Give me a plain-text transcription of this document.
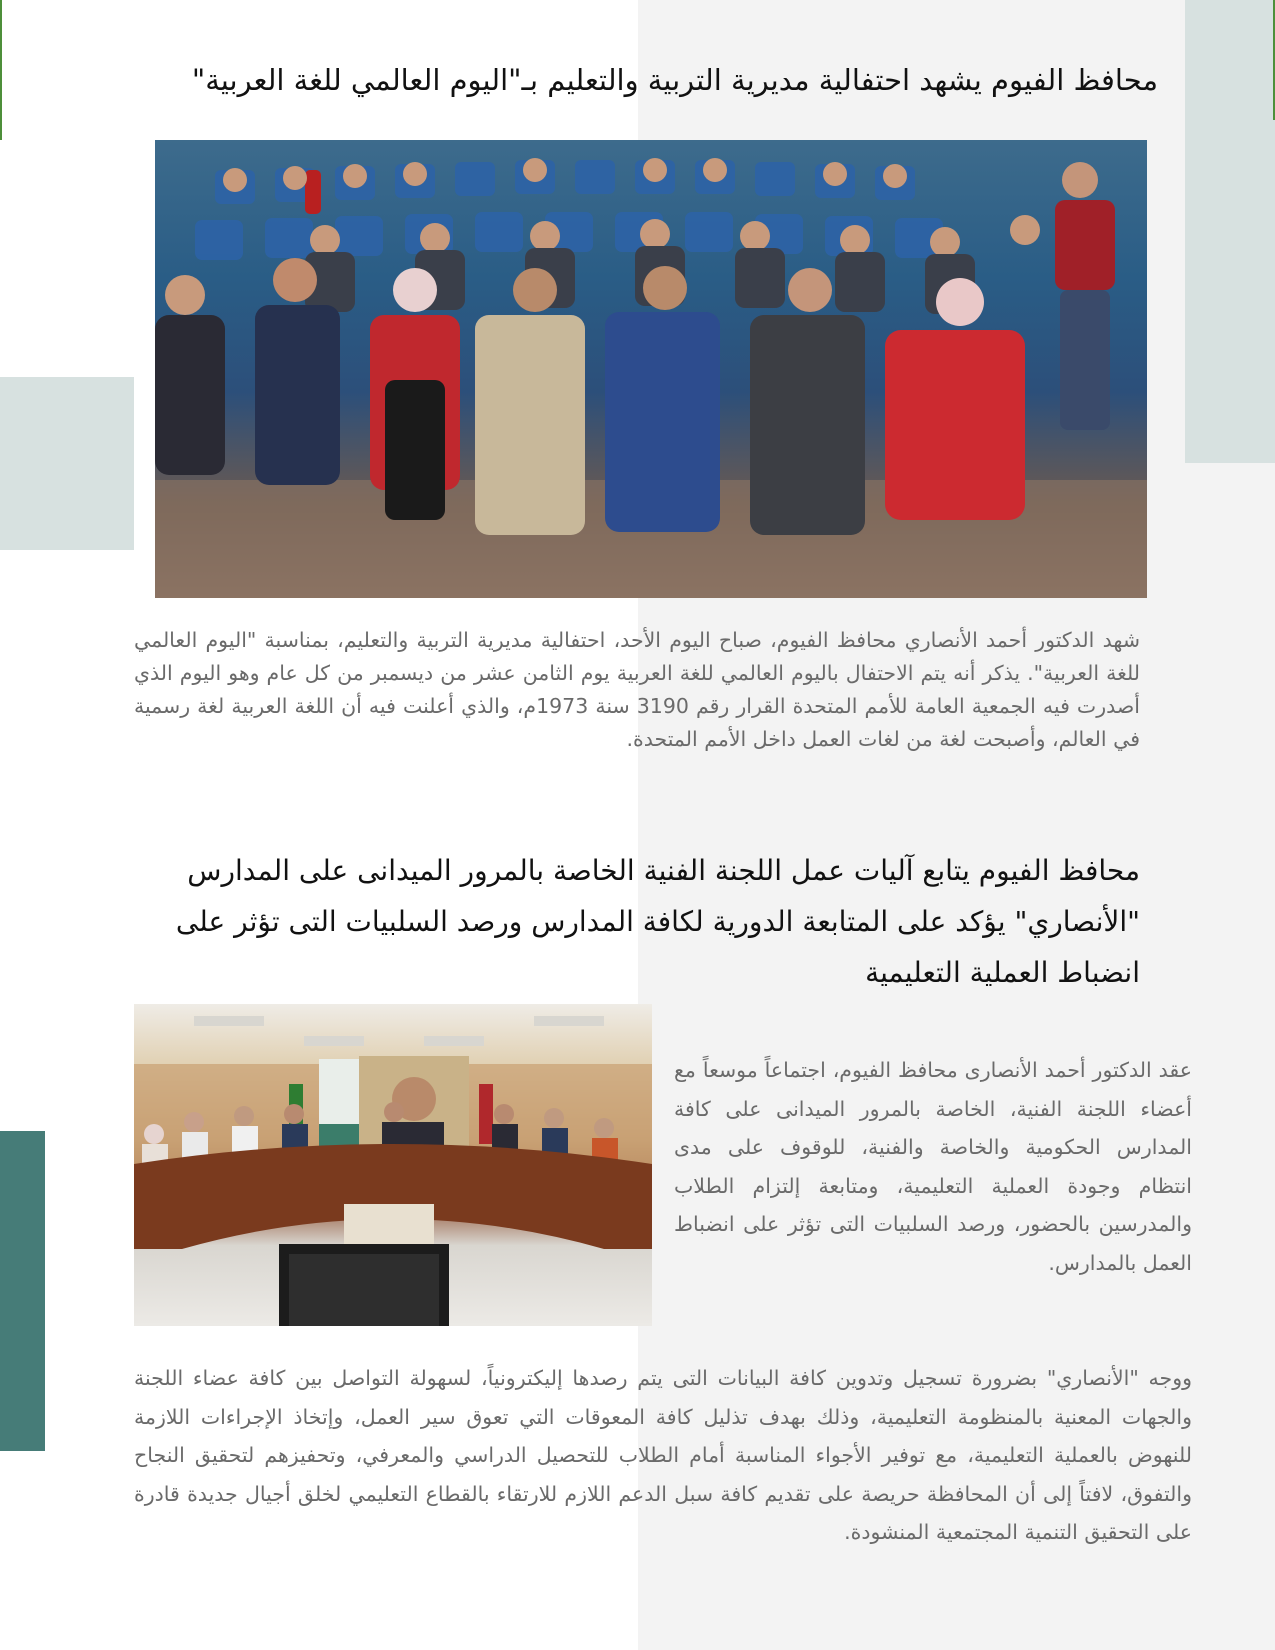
محافظ الفيوم يشهد احتفالية مديرية التربية والتعليم بـ"اليوم العالمي للغة العربية"

شهد الدكتور أحمد الأنصاري محافظ الفيوم، صباح اليوم الأحد، احتفالية مديرية التربية والتعليم، بمناسبة "اليوم العالمي للغة العربية". يذكر أنه يتم الاحتفال باليوم العالمي للغة العربية يوم الثامن عشر من ديسمبر من كل عام وهو اليوم الذي أصدرت فيه الجمعية العامة للأمم المتحدة القرار رقم 3190 سنة 1973م، والذي أعلنت فيه أن اللغة العربية لغة رسمية في العالم، وأصبحت لغة من لغات العمل داخل الأمم المتحدة.

محافظ الفيوم يتابع آليات عمل اللجنة الفنية الخاصة بالمرور الميدانى على المدارس "الأنصاري" يؤكد على المتابعة الدورية لكافة المدارس ورصد السلبيات التى تؤثر على انضباط العملية التعليمية

عقد الدكتور أحمد الأنصارى محافظ الفيوم، اجتماعاً موسعاً مع أعضاء اللجنة الفنية، الخاصة بالمرور الميدانى على كافة المدارس الحكومية والخاصة والفنية، للوقوف على مدى انتظام وجودة العملية التعليمية، ومتابعة إلتزام الطلاب والمدرسين بالحضور، ورصد السلبيات التى تؤثر على انضباط العمل بالمدارس.

ووجه "الأنصاري" بضرورة تسجيل وتدوين كافة البيانات التى يتم رصدها إليكترونياً، لسهولة التواصل بين كافة عضاء اللجنة والجهات المعنية بالمنظومة التعليمية، وذلك بهدف تذليل كافة المعوقات التي تعوق سير العمل، وإتخاذ الإجراءات اللازمة للنهوض بالعملية التعليمية، مع توفير الأجواء المناسبة أمام الطلاب للتحصيل الدراسي والمعرفي، وتحفيزهم لتحقيق النجاح والتفوق، لافتاً إلى أن المحافظة حريصة على تقديم كافة سبل الدعم اللازم للارتقاء بالقطاع التعليمي لخلق أجيال جديدة قادرة على التحقيق التنمية المجتمعية المنشودة.
